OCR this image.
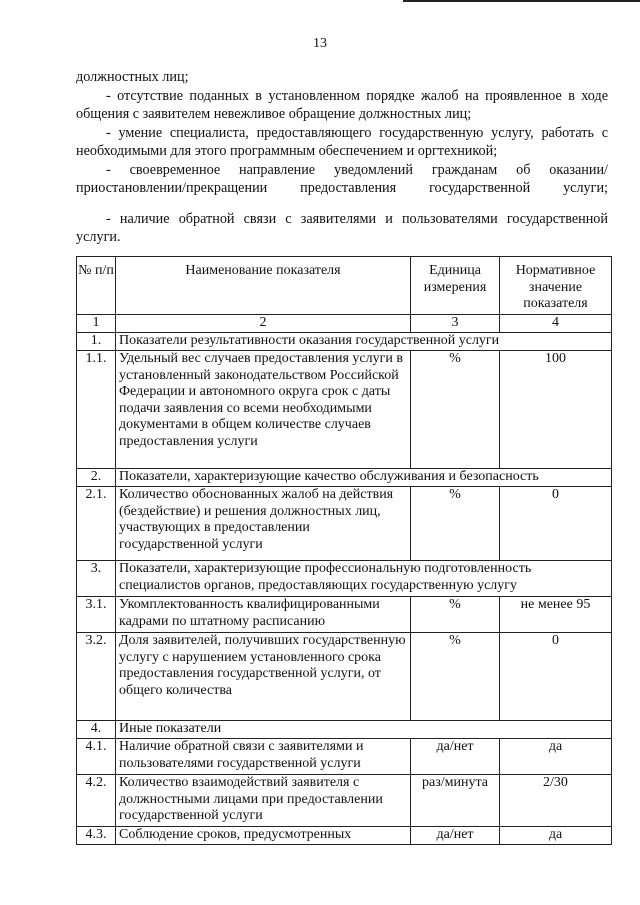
13
должностных лиц;
- отсутствие поданных в установленном порядке жалоб на проявленное в ходе общения с заявителем невежливое обращение должностных лиц;
- умение специалиста, предоставляющего государственную услугу, работать с необходимыми для этого программным обеспечением и оргтехникой;
- своевременное направление уведомлений гражданам об оказании/приостановлении/прекращении предоставления государственной услуги;
- наличие обратной связи с заявителями и пользователями государственной услуги.
№ п/п	Наименование показателя	Единица измерения	Нормативное значение показателя
1	2	3	4
1.	Показатели результативности оказания государственной услуги		
1.1.	Удельный вес случаев предоставления услуги в установленный законодательством Российской Федерации и автономного округа срок с даты подачи заявления со всеми необходимыми документами в общем количестве случаев предоставления услуги	%	100
2.	Показатели, характеризующие качество обслуживания и безопасность		
2.1.	Количество обоснованных жалоб на действия (бездействие) и решения должностных лиц, участвующих в предоставлении государственной услуги	%	0
3.	Показатели, характеризующие профессиональную подготовленность специалистов органов, предоставляющих государственную услугу		
3.1.	Укомплектованность квалифицированными кадрами по штатному расписанию	%	не менее 95
3.2.	Доля заявителей, получивших государственную услугу с нарушением установленного срока предоставления государственной услуги, от общего количества	%	0
4.	Иные показатели		
4.1.	Наличие обратной связи с заявителями и пользователями государственной услуги	да/нет	да
4.2.	Количество взаимодействий заявителя с должностными лицами при предоставлении государственной услуги	раз/минута	2/30
4.3.	Соблюдение сроков, предусмотренных	да/нет	да
